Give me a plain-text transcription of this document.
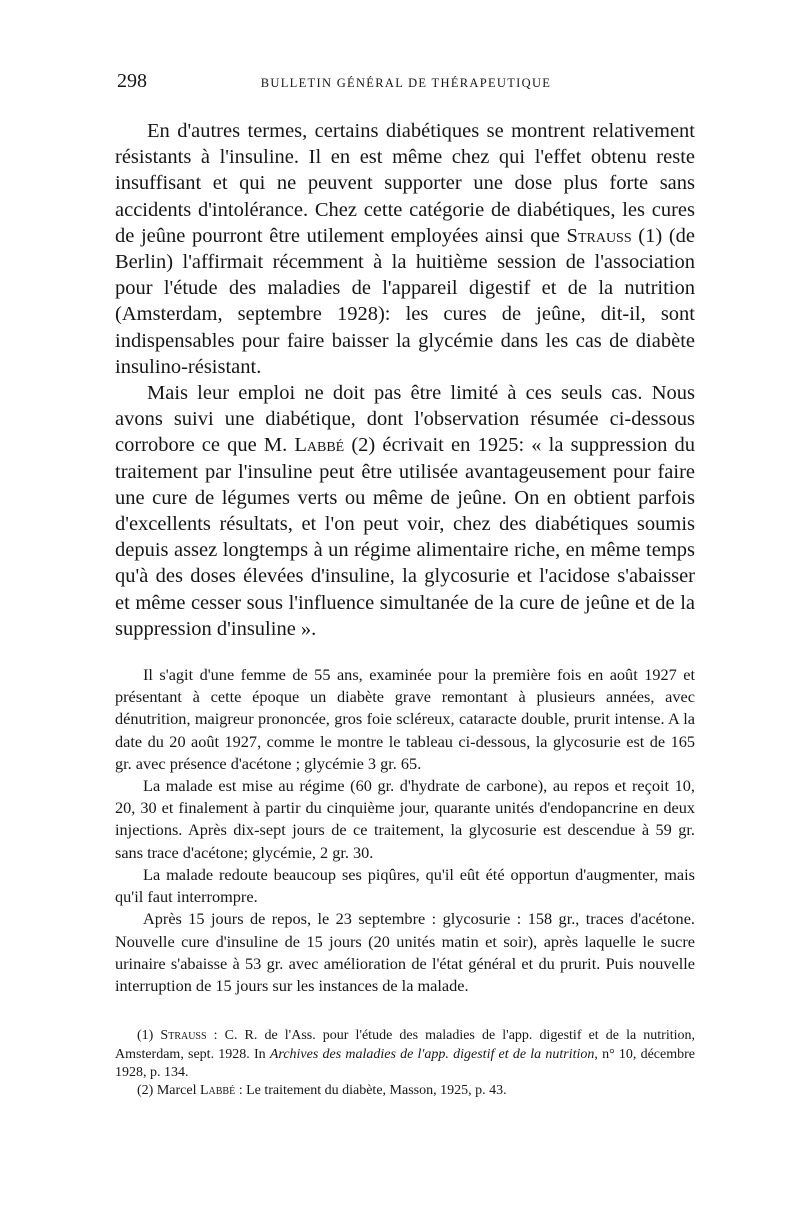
298	BULLETIN GÉNÉRAL DE THÉRAPEUTIQUE

En d'autres termes, certains diabétiques se montrent relativement résistants à l'insuline. Il en est même chez qui l'effet obtenu reste insuffisant et qui ne peuvent supporter une dose plus forte sans accidents d'intolérance. Chez cette catégorie de diabétiques, les cures de jeûne pourront être utilement employées ainsi que Strauss (1) (de Berlin) l'affirmait récemment à la huitième session de l'association pour l'étude des maladies de l'appareil digestif et de la nutrition (Amsterdam, septembre 1928): les cures de jeûne, dit-il, sont indispensables pour faire baisser la glycémie dans les cas de diabète insulino-résistant.

Mais leur emploi ne doit pas être limité à ces seuls cas. Nous avons suivi une diabétique, dont l'observation résumée ci-dessous corrobore ce que M. Labbé (2) écrivait en 1925: « la suppression du traitement par l'insuline peut être utilisée avantageusement pour faire une cure de légumes verts ou même de jeûne. On en obtient parfois d'excellents résultats, et l'on peut voir, chez des diabétiques soumis depuis assez longtemps à un régime alimentaire riche, en même temps qu'à des doses élevées d'insuline, la glycosurie et l'acidose s'abaisser et même cesser sous l'influence simultanée de la cure de jeûne et de la suppression d'insuline ».

Il s'agit d'une femme de 55 ans, examinée pour la première fois en août 1927 et présentant à cette époque un diabète grave remontant à plusieurs années, avec dénutrition, maigreur prononcée, gros foie scléreux, cataracte double, prurit intense. A la date du 20 août 1927, comme le montre le tableau ci-dessous, la glycosurie est de 165 gr. avec présence d'acétone ; glycémie 3 gr. 65.

La malade est mise au régime (60 gr. d'hydrate de carbone), au repos et reçoit 10, 20, 30 et finalement à partir du cinquième jour, quarante unités d'endopancrine en deux injections. Après dix-sept jours de ce traitement, la glycosurie est descendue à 59 gr. sans trace d'acétone; glycémie, 2 gr. 30.

La malade redoute beaucoup ses piqûres, qu'il eût été opportun d'augmenter, mais qu'il faut interrompre.

Après 15 jours de repos, le 23 septembre : glycosurie : 158 gr., traces d'acétone. Nouvelle cure d'insuline de 15 jours (20 unités matin et soir), après laquelle le sucre urinaire s'abaisse à 53 gr. avec amélioration de l'état général et du prurit. Puis nouvelle interruption de 15 jours sur les instances de la malade.

(1) Strauss : C. R. de l'Ass. pour l'étude des maladies de l'app. digestif et de la nutrition, Amsterdam, sept. 1928. In Archives des maladies de l'app. digestif et de la nutrition, n° 10, décembre 1928, p. 134.

(2) Marcel Labbé : Le traitement du diabète, Masson, 1925, p. 43.
